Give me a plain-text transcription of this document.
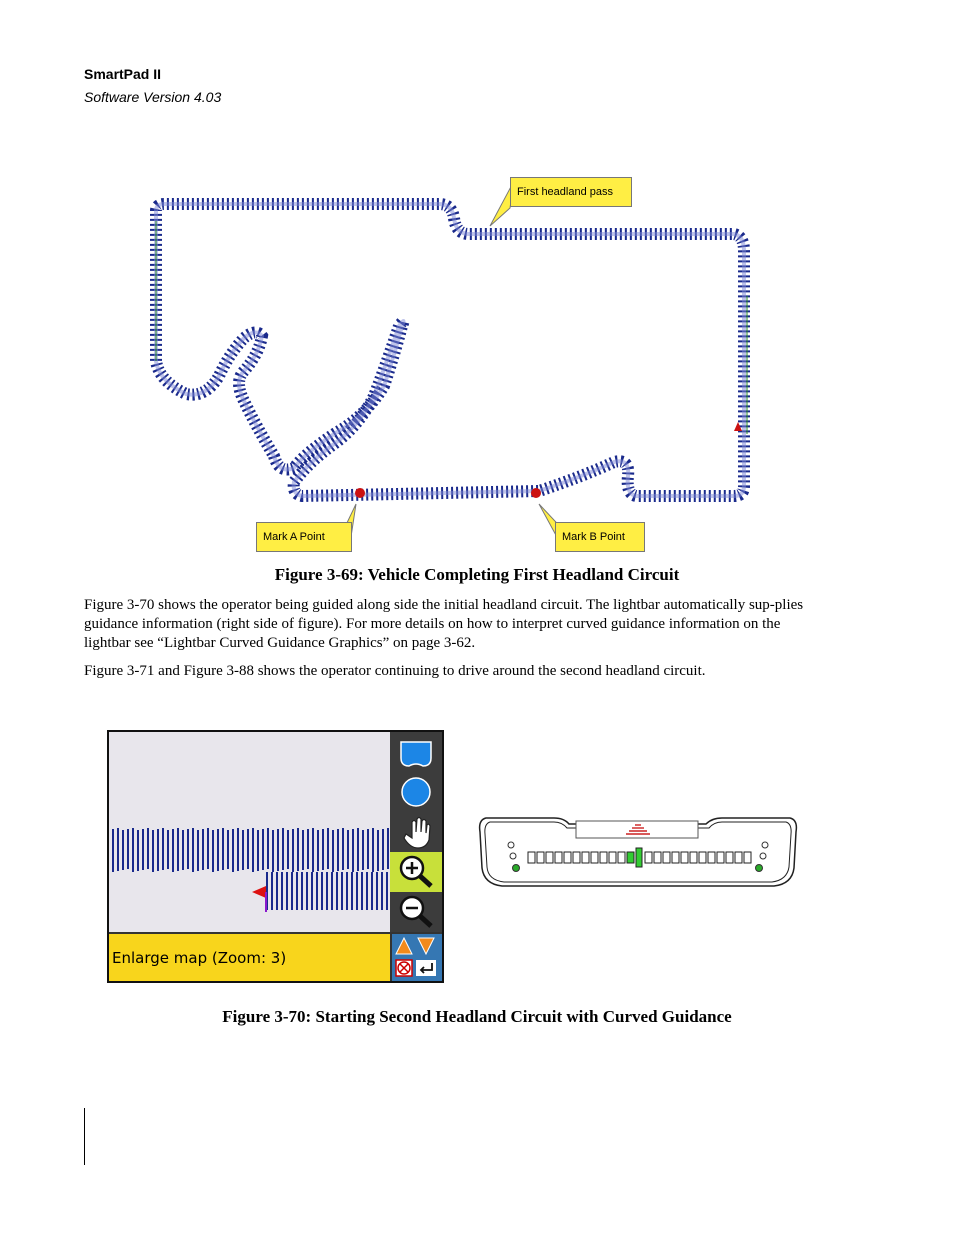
SmartPad II
Software Version 4.03
First headland pass
Mark A Point	Mark B Point
Figure 3-69: Vehicle Completing First Headland Circuit
Figure 3-70 shows the operator being guided along side the initial headland circuit. The lightbar automatically sup-plies guidance information (right side of figure). For more details on how to interpret curved guidance information on the lightbar see “Lightbar Curved Guidance Graphics” on page 3-62.
Figure 3-71 and Figure 3-88 shows the operator continuing to drive around the second headland circuit.
Enlarge map (Zoom: 3)
Figure 3-70: Starting Second Headland Circuit with Curved Guidance
